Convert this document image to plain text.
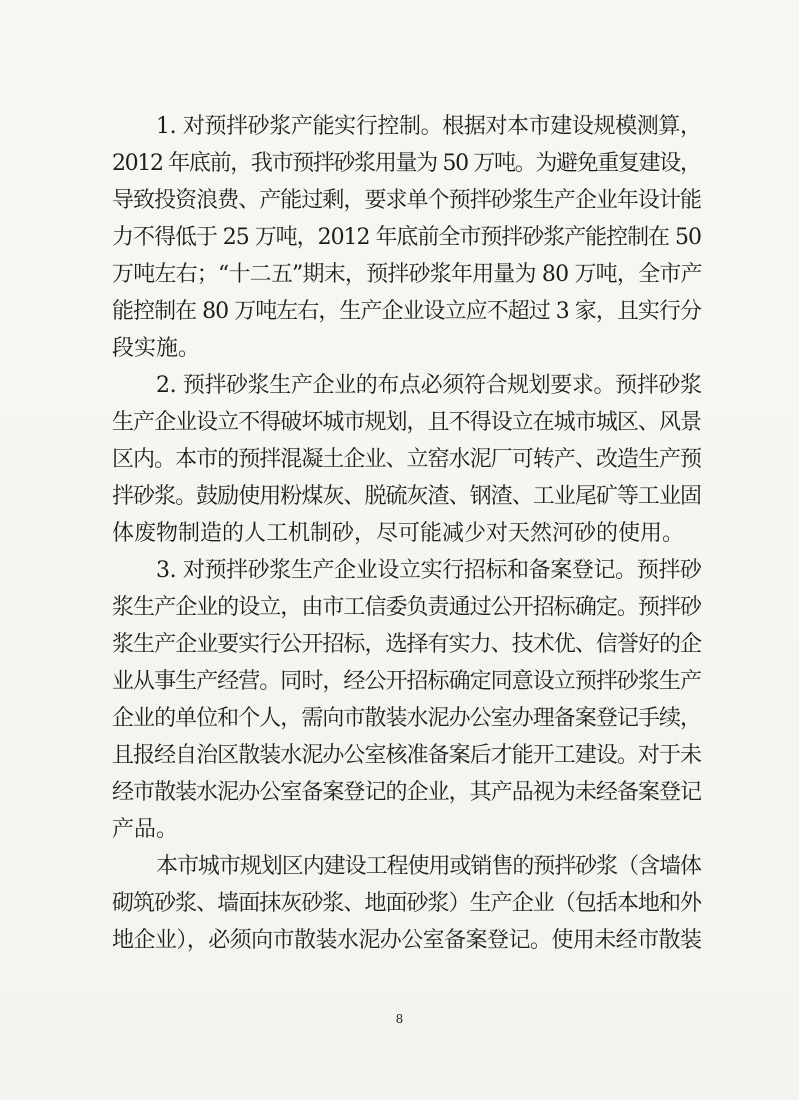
1. 对预拌砂浆产能实行控制。根据对本市建设规模测算，
2012 年底前，我市预拌砂浆用量为 50 万吨。为避免重复建设，
导致投资浪费、产能过剩，要求单个预拌砂浆生产企业年设计能
力不得低于 25 万吨，2012 年底前全市预拌砂浆产能控制在 50
万吨左右；“十二五”期末，预拌砂浆年用量为 80 万吨，全市产
能控制在 80 万吨左右，生产企业设立应不超过 3 家，且实行分
段实施。
2. 预拌砂浆生产企业的布点必须符合规划要求。预拌砂浆
生产企业设立不得破坏城市规划，且不得设立在城市城区、风景
区内。本市的预拌混凝土企业、立窑水泥厂可转产、改造生产预
拌砂浆。鼓励使用粉煤灰、脱硫灰渣、钢渣、工业尾矿等工业固
体废物制造的人工机制砂，尽可能减少对天然河砂的使用。
3. 对预拌砂浆生产企业设立实行招标和备案登记。预拌砂
浆生产企业的设立，由市工信委负责通过公开招标确定。预拌砂
浆生产企业要实行公开招标，选择有实力、技术优、信誉好的企
业从事生产经营。同时，经公开招标确定同意设立预拌砂浆生产
企业的单位和个人，需向市散装水泥办公室办理备案登记手续，
且报经自治区散装水泥办公室核准备案后才能开工建设。对于未
经市散装水泥办公室备案登记的企业，其产品视为未经备案登记
产品。
本市城市规划区内建设工程使用或销售的预拌砂浆（含墙体
砌筑砂浆、墙面抹灰砂浆、地面砂浆）生产企业（包括本地和外
地企业），必须向市散装水泥办公室备案登记。使用未经市散装
8
